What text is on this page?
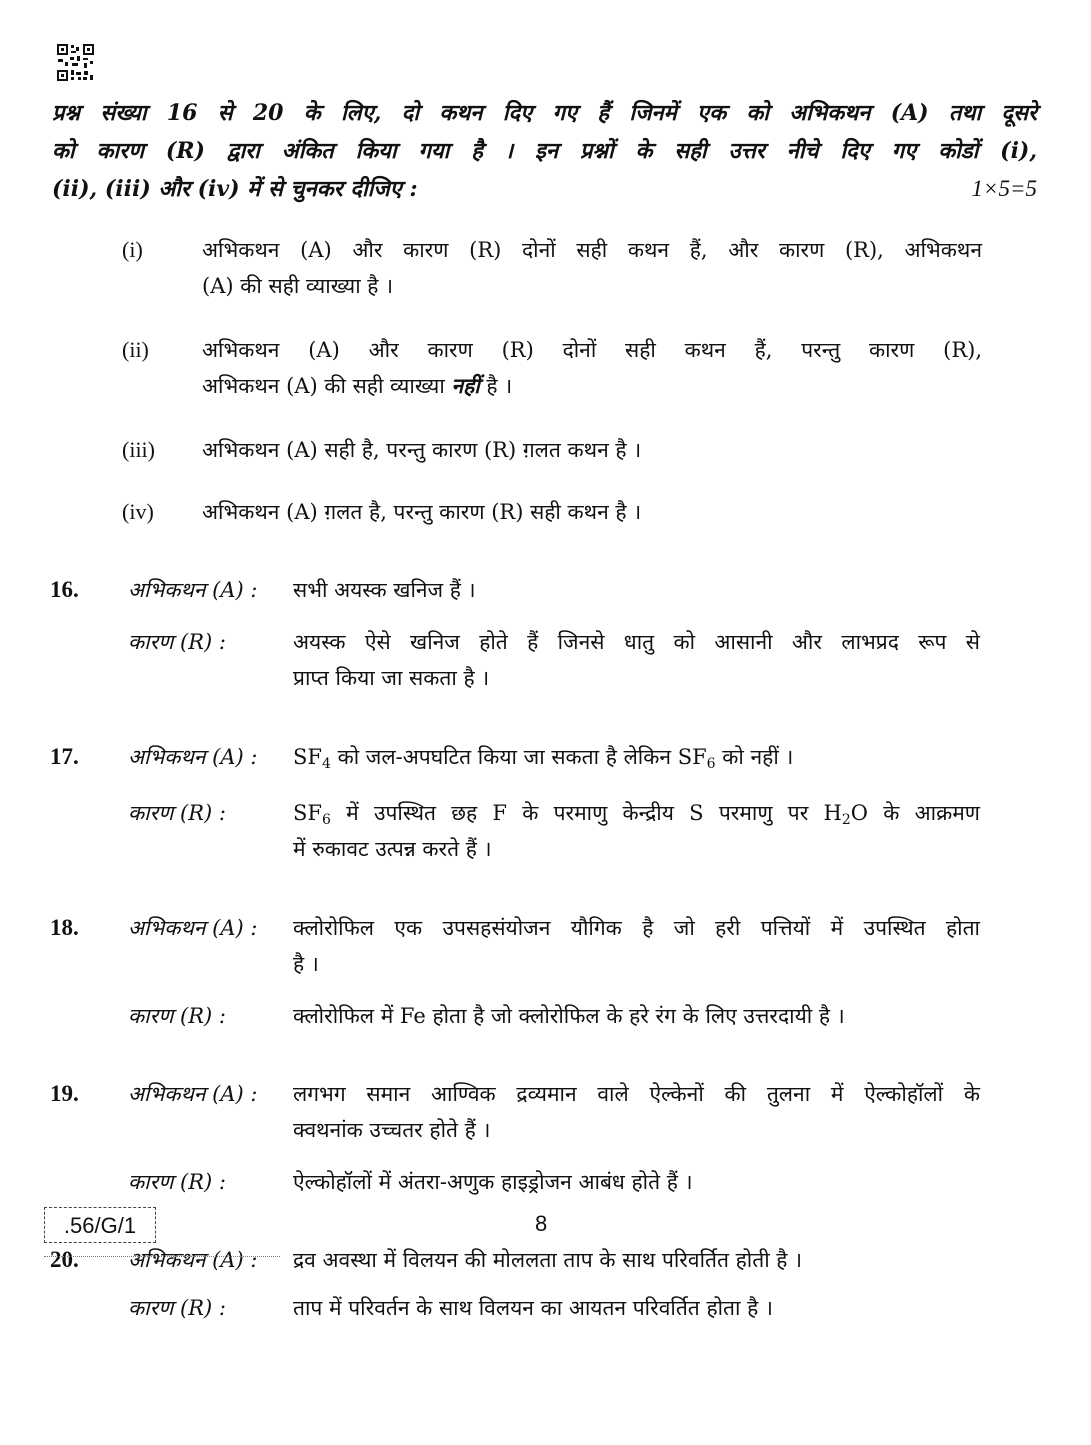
प्रश्न संख्या 16 से 20 के लिए, दो कथन दिए गए हैं जिनमें एक को अभिकथन (A) तथा दूसरे
को कारण (R) द्वारा अंकित किया गया है । इन प्रश्नों के सही उत्तर नीचे दिए गए कोडों (i),
(ii), (iii) और (iv) में से चुनकर दीजिए :	1×5=5
(i)	अभिकथन (A) और कारण (R) दोनों सही कथन हैं, और कारण (R), अभिकथन
(A) की सही व्याख्या है ।
(ii)	अभिकथन (A) और कारण (R) दोनों सही कथन हैं, परन्तु कारण (R),
अभिकथन (A) की सही व्याख्या नहीं है ।
(iii)	अभिकथन (A) सही है, परन्तु कारण (R) ग़लत कथन है ।
(iv)	अभिकथन (A) ग़लत है, परन्तु कारण (R) सही कथन है ।
16. अभिकथन (A) : सभी अयस्क खनिज हैं ।
कारण (R) :	अयस्क ऐसे खनिज होते हैं जिनसे धातु को आसानी और लाभप्रद रूप से
प्राप्त किया जा सकता है ।
17. अभिकथन (A) : $SF_4$ को जल-अपघटित किया जा सकता है लेकिन $SF_6$ को नहीं ।
कारण (R) :	$SF_6$ में उपस्थित छह F के परमाणु केन्द्रीय S परमाणु पर $H_2O$ के आक्रमण
में रुकावट उत्पन्न करते हैं ।
18. अभिकथन (A) : क्लोरोफिल एक उपसहसंयोजन यौगिक है जो हरी पत्तियों में उपस्थित होता
है ।
कारण (R) :	क्लोरोफिल में Fe होता है जो क्लोरोफिल के हरे रंग के लिए उत्तरदायी है ।
19. अभिकथन (A) : लगभग समान आण्विक द्रव्यमान वाले ऐल्केनों की तुलना में ऐल्कोहॉलों के
क्वथनांक उच्चतर होते हैं ।
कारण (R) :	ऐल्कोहॉलों में अंतरा-अणुक हाइड्रोजन आबंध होते हैं ।
20. अभिकथन (A) : द्रव अवस्था में विलयन की मोललता ताप के साथ परिवर्तित होती है ।
कारण (R) :	ताप में परिवर्तन के साथ विलयन का आयतन परिवर्तित होता है ।
.56/G/1	8
